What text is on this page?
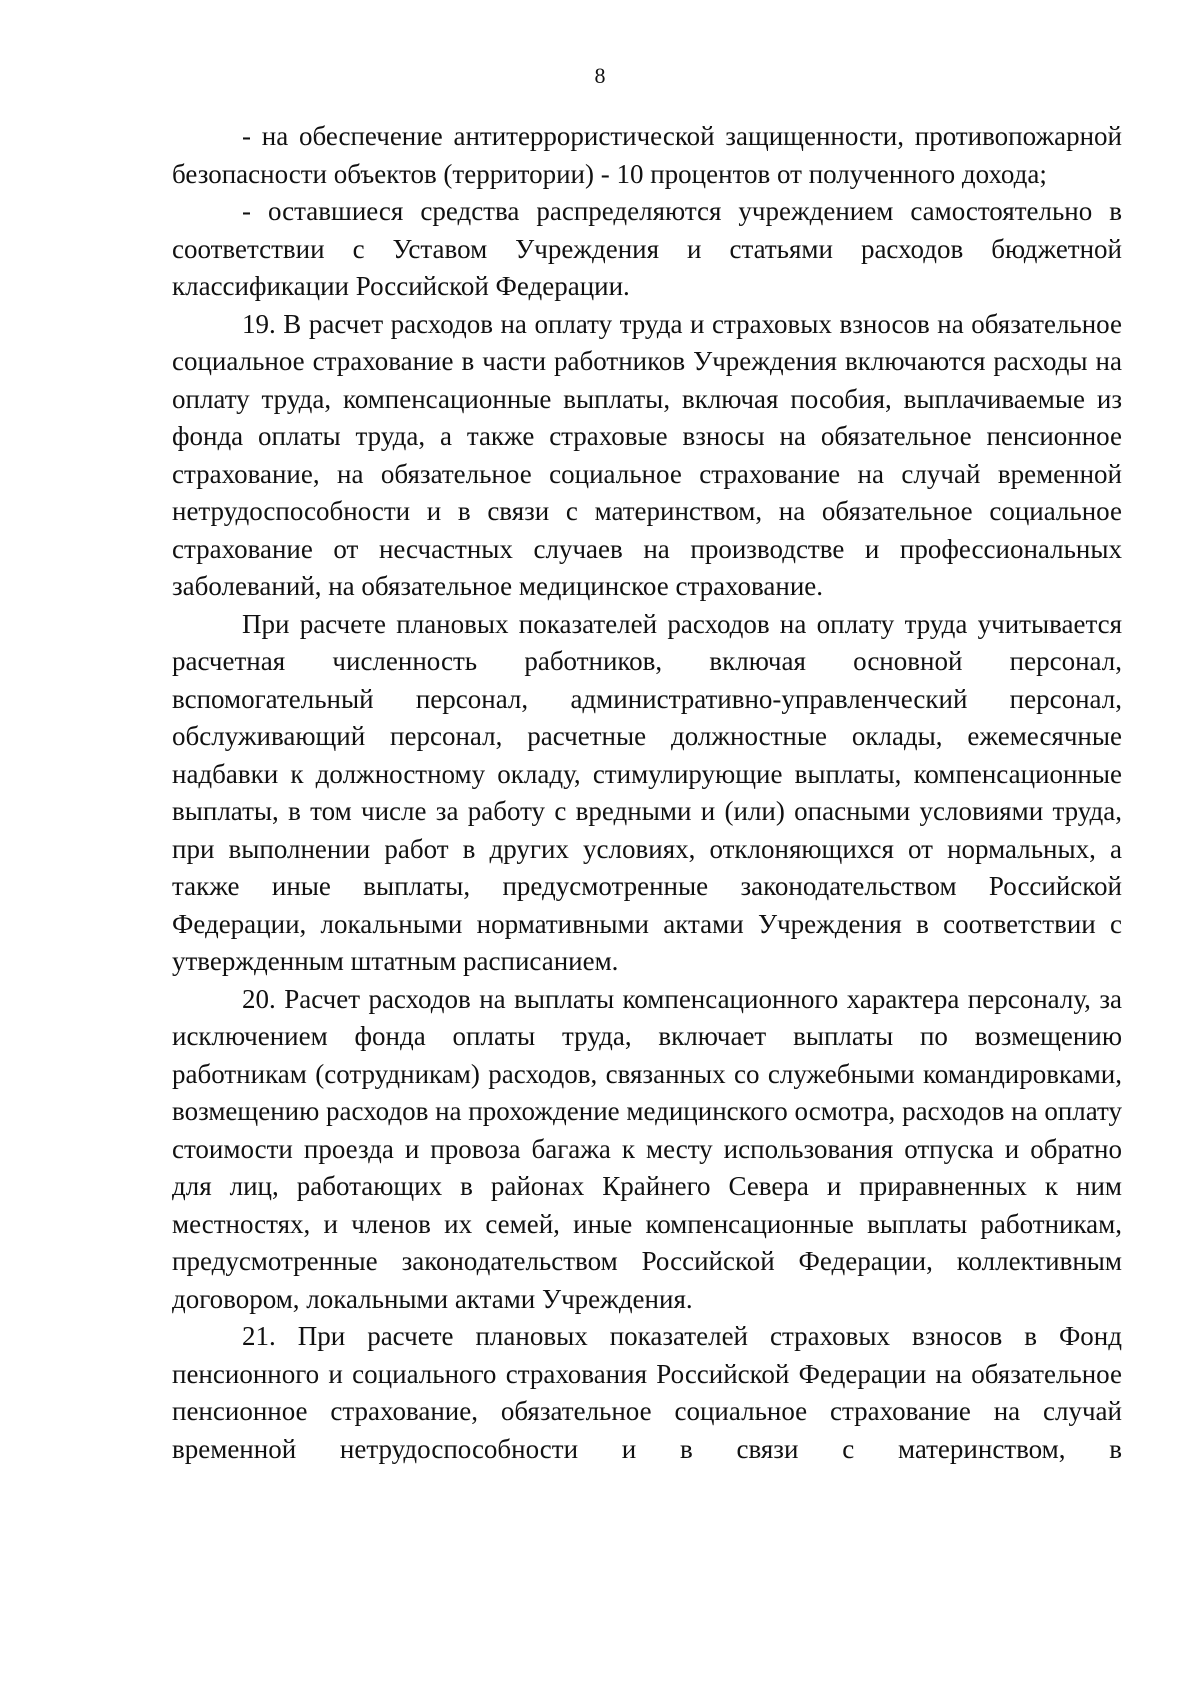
8

- на обеспечение антитеррористической защищенности, противопожарной безопасности объектов (территории) - 10 процентов от полученного дохода;

- оставшиеся средства распределяются учреждением самостоятельно в соответствии с Уставом Учреждения и статьями расходов бюджетной классификации Российской Федерации.

19. В расчет расходов на оплату труда и страховых взносов на обязательное социальное страхование в части работников Учреждения включаются расходы на оплату труда, компенсационные выплаты, включая пособия, выплачиваемые из фонда оплаты труда, а также страховые взносы на обязательное пенсионное страхование, на обязательное социальное страхование на случай временной нетрудоспособности и в связи с материнством, на обязательное социальное страхование от несчастных случаев на производстве и профессиональных заболеваний, на обязательное медицинское страхование.

При расчете плановых показателей расходов на оплату труда учитывается расчетная численность работников, включая основной персонал, вспомогательный персонал, административно-управленческий персонал, обслуживающий персонал, расчетные должностные оклады, ежемесячные надбавки к должностному окладу, стимулирующие выплаты, компенсационные выплаты, в том числе за работу с вредными и (или) опасными условиями труда, при выполнении работ в других условиях, отклоняющихся от нормальных, а также иные выплаты, предусмотренные законодательством Российской Федерации, локальными нормативными актами Учреждения в соответствии с утвержденным штатным расписанием.

20. Расчет расходов на выплаты компенсационного характера персоналу, за исключением фонда оплаты труда, включает выплаты по возмещению работникам (сотрудникам) расходов, связанных со служебными командировками, возмещению расходов на прохождение медицинского осмотра, расходов на оплату стоимости проезда и провоза багажа к месту использования отпуска и обратно для лиц, работающих в районах Крайнего Севера и приравненных к ним местностях, и членов их семей, иные компенсационные выплаты работникам, предусмотренные законодательством Российской Федерации, коллективным договором, локальными актами Учреждения.

21. При расчете плановых показателей страховых взносов в Фонд пенсионного и социального страхования Российской Федерации на обязательное пенсионное страхование, обязательное социальное страхование на случай временной нетрудоспособности и в связи с материнством, в
